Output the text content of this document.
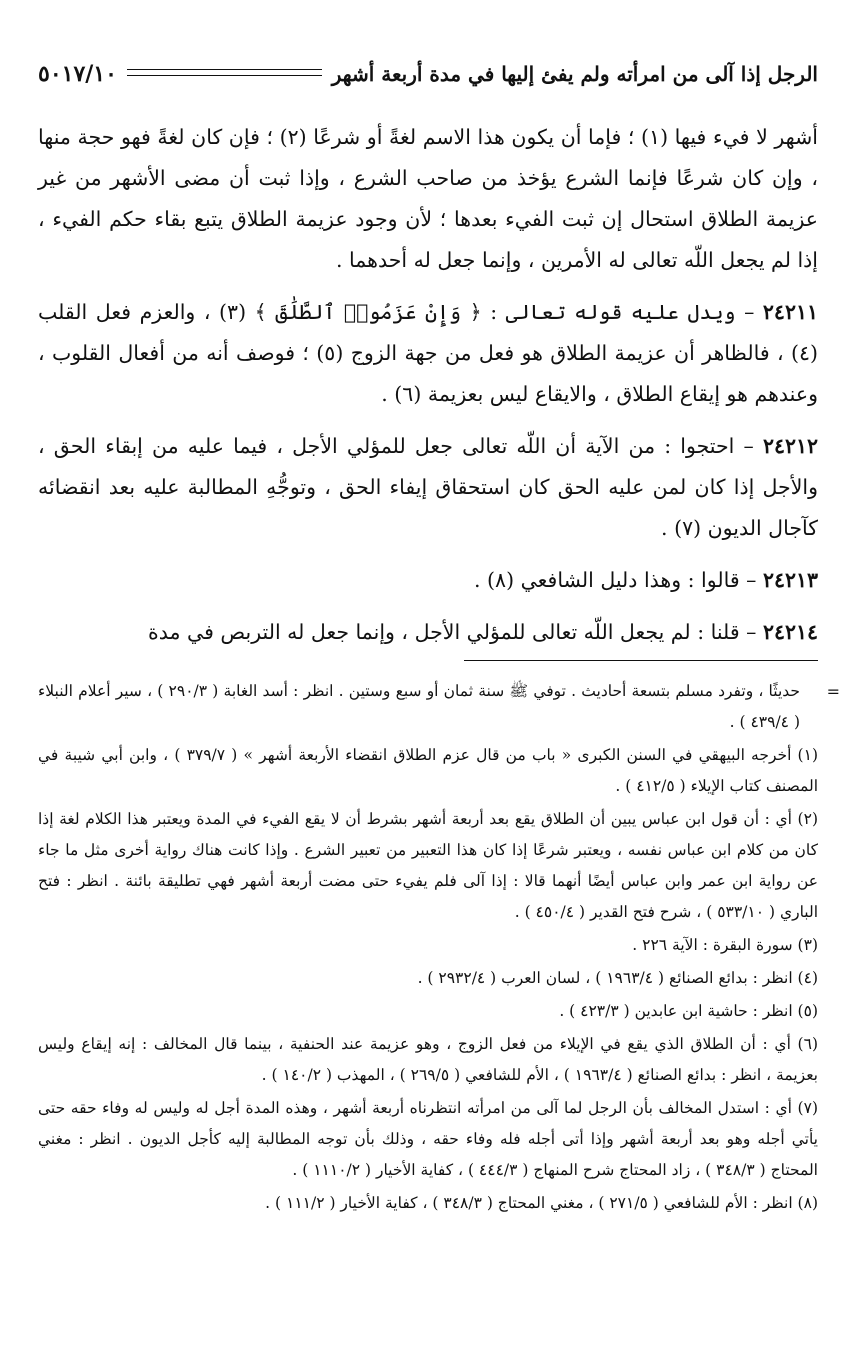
الرجل إذا آلى من امرأته ولم يفئ إليها في مدة أربعة أشهر
٥٠١٧/١٠

أشهر لا فيء فيها (١) ؛ فإما أن يكون هذا الاسم لغةً أو شرعًا (٢) ؛ فإن كان لغةً فهو حجة منها ، وإن كان شرعًا فإنما الشرع يؤخذ من صاحب الشرع ، وإذا ثبت أن مضى الأشهر من غير عزيمة الطلاق استحال إن ثبت الفيء بعدها ؛ لأن وجود عزيمة الطلاق يتبع بقاء حكم الفيء ، إذا لم يجعل اللّه تعالى له الأمرين ، وإنما جعل له أحدهما .

٢٤٢١١ – ويدل عليه قوله تعالى : ﴿ وَإِنْ عَزَمُوا۟ ٱلطَّلَٰقَ ﴾ (٣) ، والعزم فعل القلب (٤) ، فالظاهر أن عزيمة الطلاق هو فعل من جهة الزوج (٥) ؛ فوصف أنه من أفعال القلوب ، وعندهم هو إيقاع الطلاق ، والايقاع ليس بعزيمة (٦) .

٢٤٢١٢ – احتجوا : من الآية أن اللّه تعالى جعل للمؤلي الأجل ، فيما عليه من إبقاء الحق ، والأجل إذا كان لمن عليه الحق كان استحقاق إيفاء الحق ، وتوجُّهِ المطالبة عليه بعد انقضائه كآجال الديون (٧) .

٢٤٢١٣ – قالوا : وهذا دليل الشافعي (٨) .

٢٤٢١٤ – قلنا : لم يجعل اللّه تعالى للمؤلي الأجل ، وإنما جعل له التربص في مدة

=
حديثًا ، وتفرد مسلم بتسعة أحاديث . توفي ﷺ سنة ثمان أو سبع وستين . انظر : أسد الغابة ( ٢٩٠/٣ ) ، سير أعلام النبلاء ( ٤٣٩/٤ ) .

(١) أخرجه البيهقي في السنن الكبرى « باب من قال عزم الطلاق انقضاء الأربعة أشهر » ( ٣٧٩/٧ ) ، وابن أبي شيبة في المصنف كتاب الإيلاء ( ٤١٢/٥ ) .

(٢) أي : أن قول ابن عباس يبين أن الطلاق يقع بعد أربعة أشهر بشرط أن لا يقع الفيء في المدة ويعتبر هذا الكلام لغة إذا كان من كلام ابن عباس نفسه ، ويعتبر شرعًا إذا كان هذا التعبير من تعبير الشرع . وإذا كانت هناك رواية أخرى مثل ما جاء عن رواية ابن عمر وابن عباس أيضًا أنهما قالا : إذا آلى فلم يفيء حتى مضت أربعة أشهر فهي تطليقة بائنة . انظر : فتح الباري ( ٥٣٣/١٠ ) ، شرح فتح القدير ( ٤٥٠/٤ ) .

(٣) سورة البقرة : الآية ٢٢٦ .

(٤) انظر : بدائع الصنائع ( ١٩٦٣/٤ ) ، لسان العرب ( ٢٩٣٢/٤ ) .

(٥) انظر : حاشية ابن عابدين ( ٤٢٣/٣ ) .

(٦) أي : أن الطلاق الذي يقع في الإيلاء من فعل الزوج ، وهو عزيمة عند الحنفية ، بينما قال المخالف : إنه إيقاع وليس بعزيمة ، انظر : بدائع الصنائع ( ١٩٦٣/٤ ) ، الأم للشافعي ( ٢٦٩/٥ ) ، المهذب ( ١٤٠/٢ ) .

(٧) أي : استدل المخالف بأن الرجل لما آلى من امرأته انتظرناه أربعة أشهر ، وهذه المدة أجل له وليس له وفاء حقه حتى يأتي أجله وهو بعد أربعة أشهر وإذا أتى أجله فله وفاء حقه ، وذلك بأن توجه المطالبة إليه كأجل الديون . انظر : مغني المحتاج ( ٣٤٨/٣ ) ، زاد المحتاج شرح المنهاج ( ٤٤٤/٣ ) ، كفاية الأخيار ( ١١١٠/٢ ) .

(٨) انظر : الأم للشافعي ( ٢٧١/٥ ) ، مغني المحتاج ( ٣٤٨/٣ ) ، كفاية الأخيار ( ١١١/٢ ) .
